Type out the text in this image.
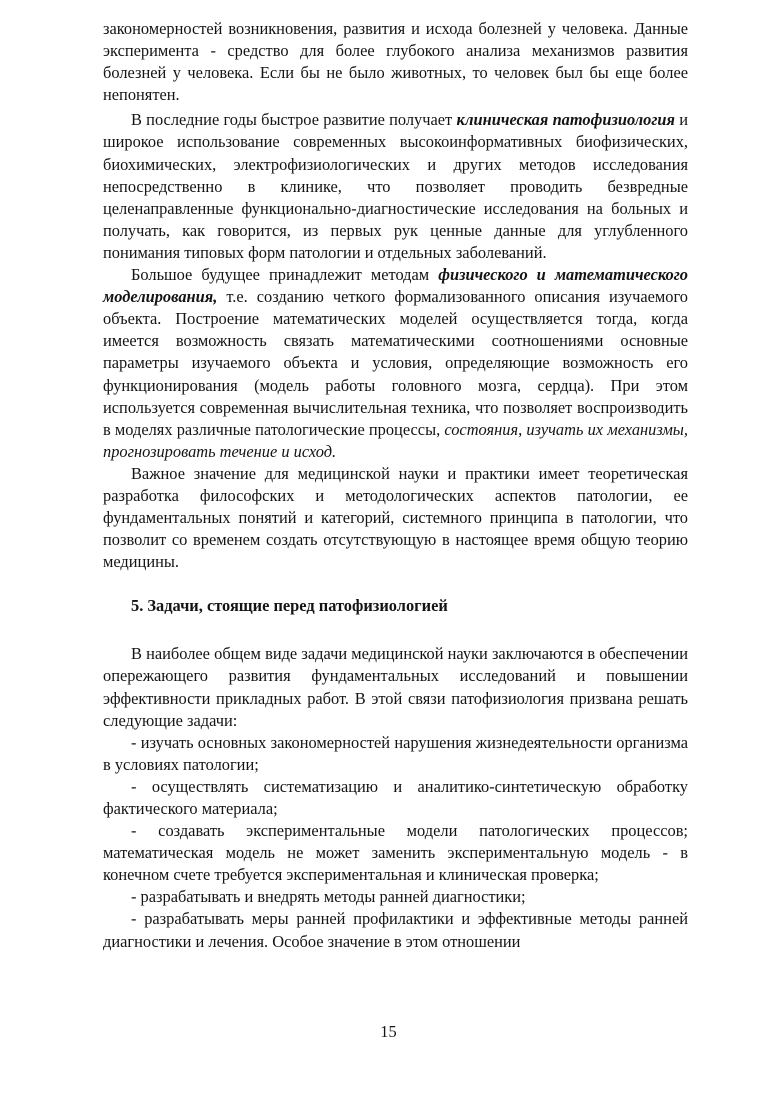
закономерностей возникновения, развития и исхода болезней у человека. Данные эксперимента - средство для более глубокого анализа механизмов развития болезней у человека. Если бы не было животных, то человек был бы еще более непонятен.

В последние годы быстрое развитие получает клиническая патофизиология и широкое использование современных высокоинформативных биофизических, биохимических, электрофизиологических и других методов исследования непосредственно в клинике, что позволяет проводить безвредные целенаправленные функционально-диагностические исследования на больных и получать, как говорится, из первых рук ценные данные для углубленного понимания типовых форм патологии и отдельных заболеваний.

Большое будущее принадлежит методам физического и математического моделирования, т.е. созданию четкого формализованного описания изучаемого объекта. Построение математических моделей осуществляется тогда, когда имеется возможность связать математическими соотношениями основные параметры изучаемого объекта и условия, определяющие возможность его функционирования (модель работы головного мозга, сердца). При этом используется современная вычислительная техника, что позволяет воспроизводить в моделях различные патологические процессы, состояния, изучать их механизмы, прогнозировать течение и исход.

Важное значение для медицинской науки и практики имеет теоретическая разработка философских и методологических аспектов патологии, ее фундаментальных понятий и категорий, системного принципа в патологии, что позволит со временем создать отсутствующую в настоящее время общую теорию медицины.

5. Задачи, стоящие перед патофизиологией

В наиболее общем виде задачи медицинской науки заключаются в обеспечении опережающего развития фундаментальных исследований и повышении эффективности прикладных работ. В этой связи патофизиология призвана решать следующие задачи:

- изучать основных закономерностей нарушения жизнедеятельности организма в условиях патологии;

- осуществлять систематизацию и аналитико-синтетическую обработку фактического материала;

- создавать экспериментальные модели патологических процессов; математическая модель не может заменить экспериментальную модель - в конечном счете требуется экспериментальная и клиническая проверка;

- разрабатывать и внедрять методы ранней диагностики;

- разрабатывать меры ранней профилактики и эффективные методы ранней диагностики и лечения. Особое значение в этом отношении

15
